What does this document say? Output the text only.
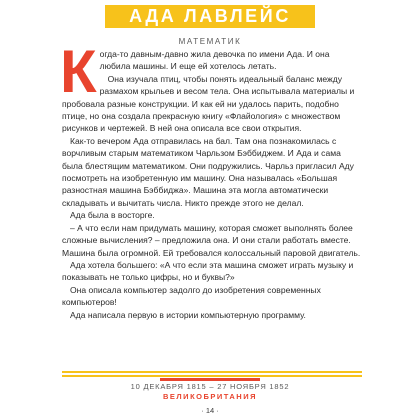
АДА ЛАВЛЕЙС
МАТЕМАТИК

Когда-то давным-давно жила девочка по имени Ада. И она любила машины. И еще ей хотелось летать.

Она изучала птиц, чтобы понять идеальный баланс между размахом крыльев и весом тела. Она испытывала материалы и пробовала разные конструкции. И как ей ни удалось парить, подобно птице, но она создала прекрасную книгу «Флайология» с множеством рисунков и чертежей. В ней она описала все свои открытия.

Как-то вечером Ада отправилась на бал. Там она познакомилась с ворчливым старым математиком Чарльзом Бэббиджем. И Ада и сама была блестящим математиком. Они подружились. Чарльз пригласил Аду посмотреть на изобретенную им машину. Она называлась «Большая разностная машина Бэббиджа». Машина эта могла автоматически складывать и вычитать числа. Никто прежде этого не делал.

Ада была в восторге.

– А что если нам придумать машину, которая сможет выполнять более сложные вычисления? – предложила она. И они стали работать вместе. Машина была огромной. Ей требовался колоссальный паровой двигатель.

Ада хотела большего: «А что если эта машина сможет играть музыку и показывать не только цифры, но и буквы?»

Она описала компьютер задолго до изобретения современных компьютеров!

Ада написала первую в истории компьютерную программу.

10 ДЕКАБРЯ 1815 – 27 НОЯБРЯ 1852
ВЕЛИКОБРИТАНИЯ
· 14 ·
